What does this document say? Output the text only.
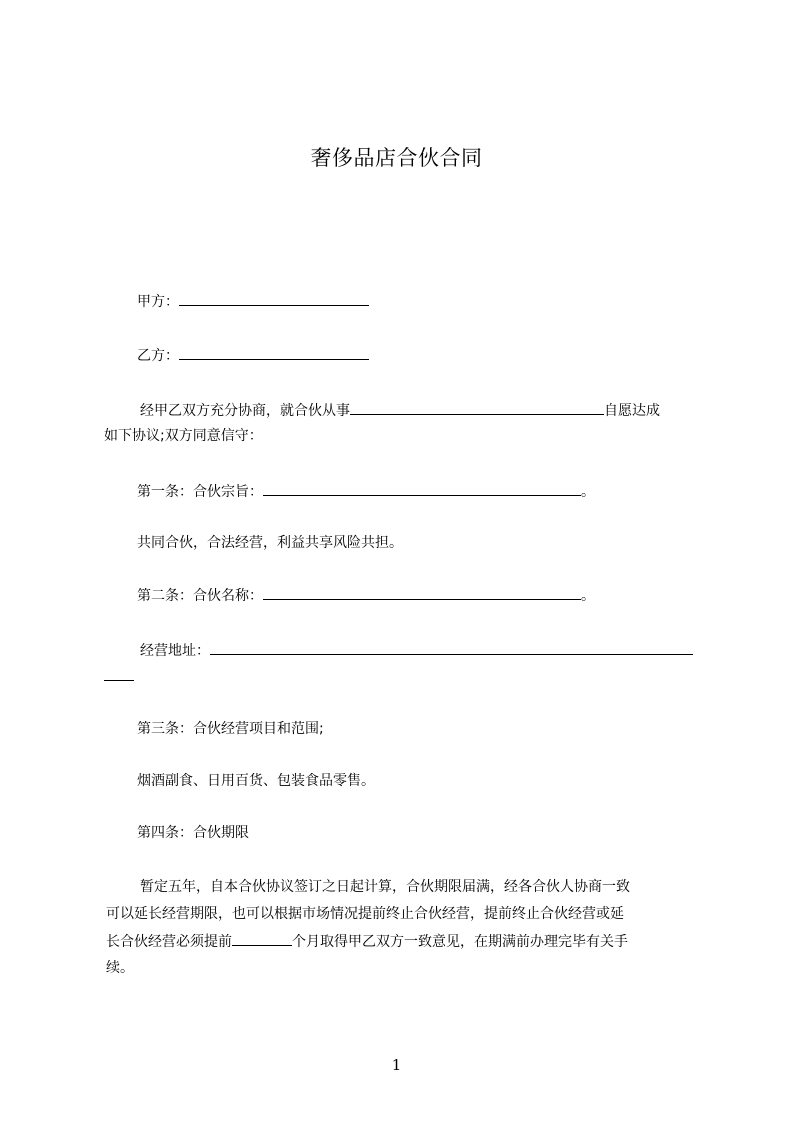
奢侈品店合伙合同
甲方：
乙方：
经甲乙双方充分协商，就合伙从事	自愿达成
如下协议;双方同意信守：
第一条：合伙宗旨：	。
共同合伙，合法经营，利益共享风险共担。
第二条：合伙名称：	。
经营地址：
第三条：合伙经营项目和范围;
烟酒副食、日用百货、包装食品零售。
第四条：合伙期限
暂定五年，自本合伙协议签订之日起计算，合伙期限届满，经各合伙人协商一致
可以延长经营期限，也可以根据市场情况提前终止合伙经营，提前终止合伙经营或延
长合伙经营必须提前	个月取得甲乙双方一致意见，在期满前办理完毕有关手
续。
1
